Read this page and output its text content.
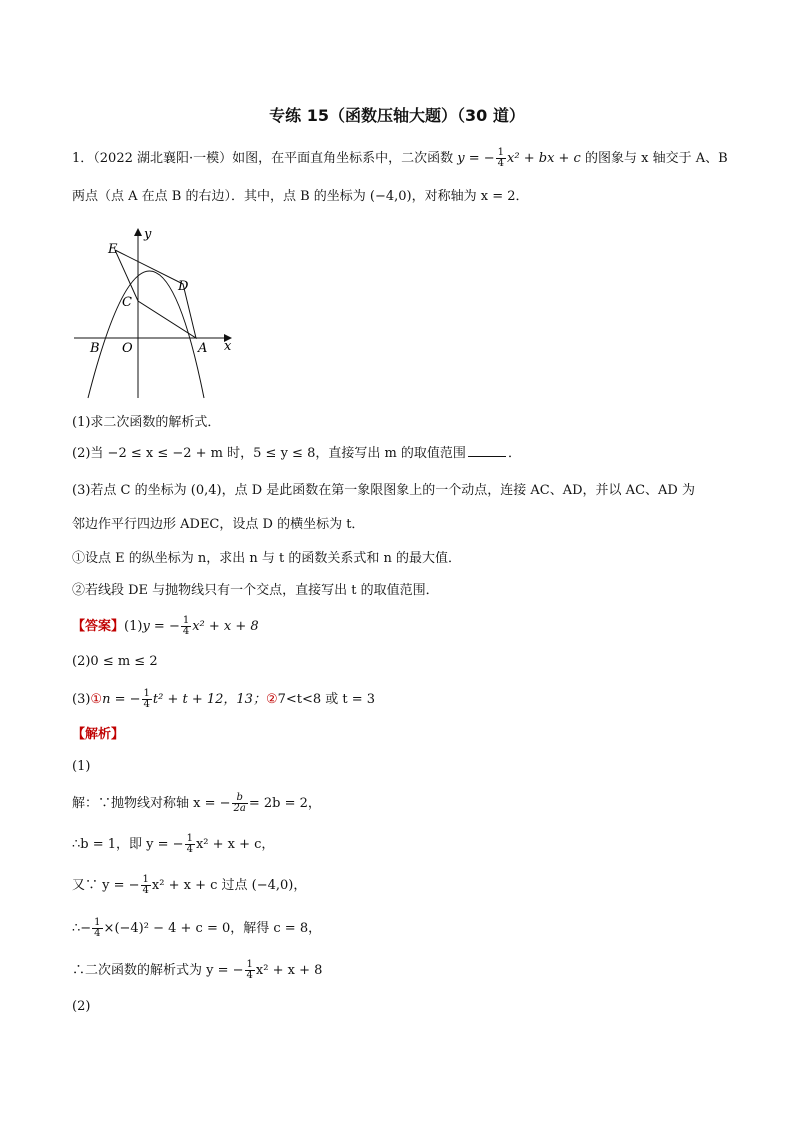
专练 15（函数压轴大题）（30 道）
1．（2022 湖北襄阳·一模）如图，在平面直角坐标系中，二次函数 y = − $\frac{1}{4} x^2$ + bx + c 的图象与 x 轴交于 A、B
两点（点 A 在点 B 的右边）．其中，点 B 的坐标为 (−4,0)，对称轴为 x = 2．
E
D
C
B O	A x
y
(1)求二次函数的解析式．
(2)当 −2 ≤ x ≤ −2 + m 时，5 ≤ y ≤ 8，直接写出 m 的取值范围	．
(3)若点 C 的坐标为 (0,4)，点 D 是此函数在第一象限图象上的一个动点，连接 AC、AD，并以 AC、AD 为
邻边作平行四边形 ADEC，设点 D 的横坐标为 t．
①设点 E 的纵坐标为 n，求出 n 与 t 的函数关系式和 n 的最大值．
②若线段 DE 与抛物线只有一个交点，直接写出 t 的取值范围．
【答案】(1)y = − $\frac{1}{4} x^2 + x + 8$
(2)0 ≤ m ≤ 2
(3)①n = − $\frac{1}{4} t^2 + t + 12$，13；②7<t<8 或 t = 3
【解析】
(1)
解：∵抛物线对称轴 x = − $\frac{b}{2a} = 2b = 2$，
∴b = 1，即 y = − $\frac{1}{4} x^2 + x + c$，
又∵ y = − $\frac{1}{4} x^2 + x + c$ 过点 (−4,0)，
∴− $\frac{1}{4} \times(-4)^2 - 4 + c = 0$，解得 c = 8，
∴二次函数的解析式为 y = − $\frac{1}{4} x^2 + x + 8$
(2)
